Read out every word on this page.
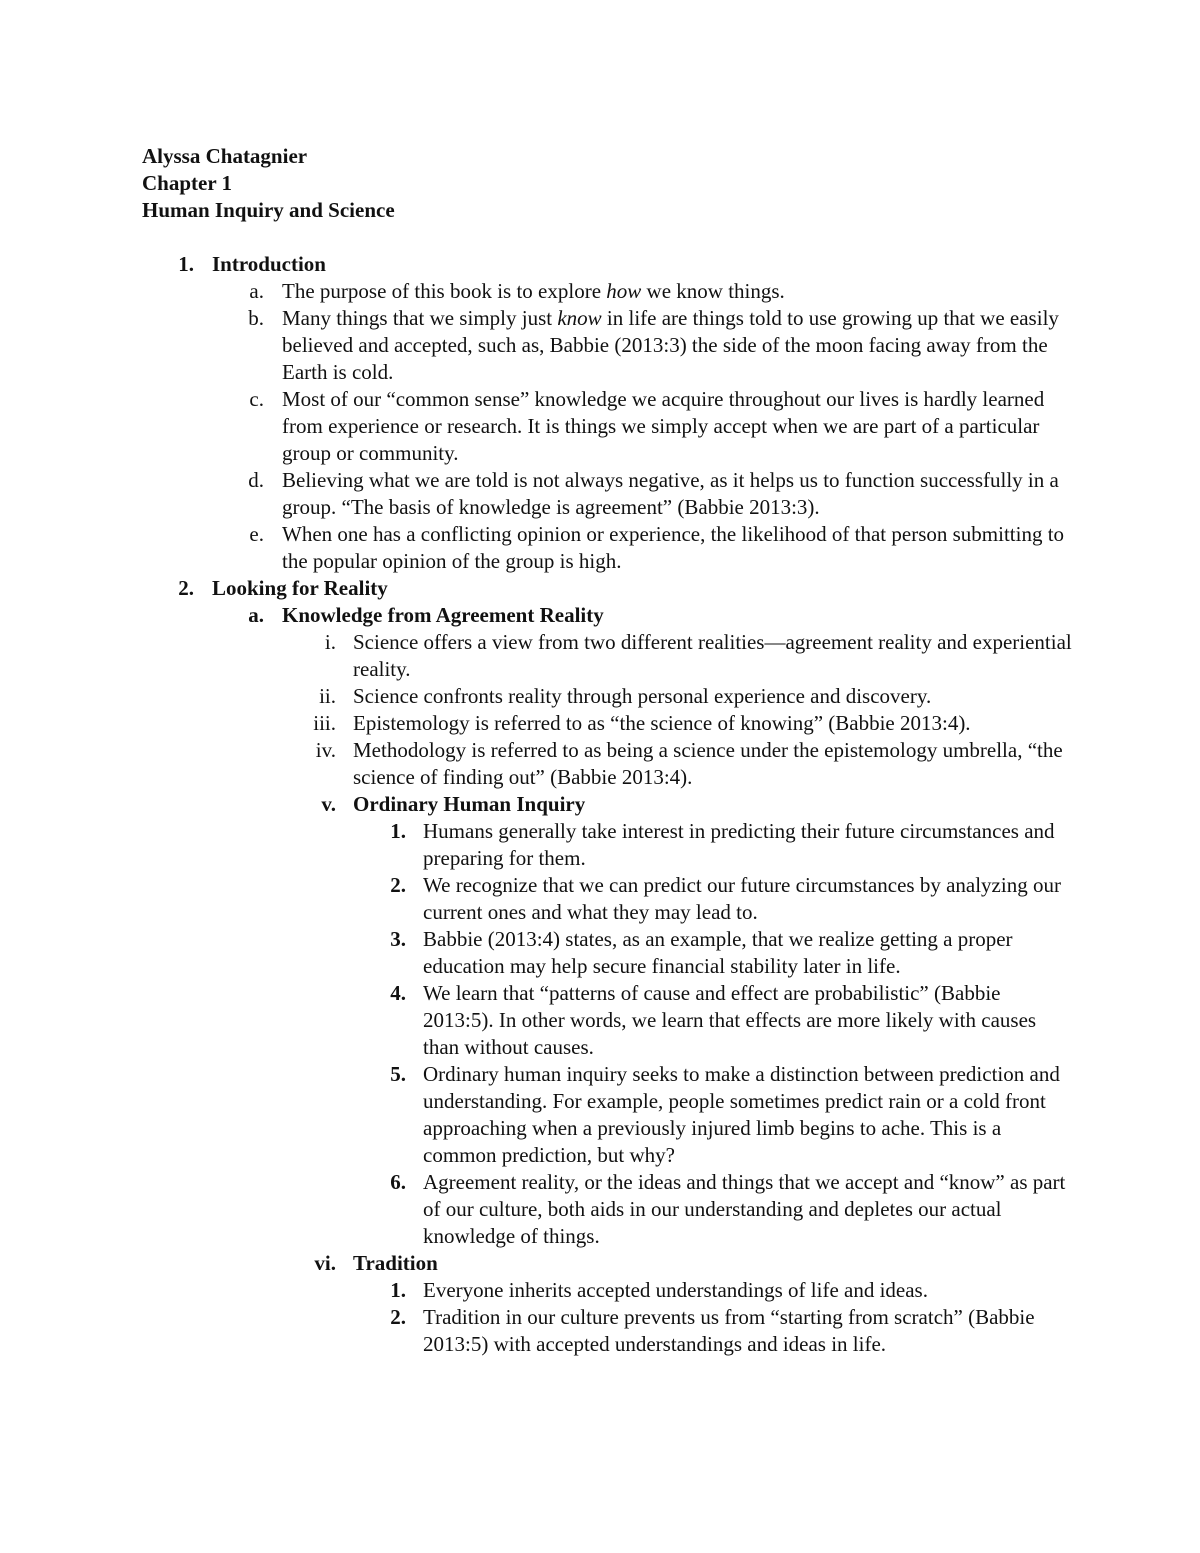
Alyssa Chatagnier
Chapter 1
Human Inquiry and Science
1. Introduction
a. The purpose of this book is to explore how we know things.
b. Many things that we simply just know in life are things told to use growing up that we easily believed and accepted, such as, Babbie (2013:3) the side of the moon facing away from the Earth is cold.
c. Most of our “common sense” knowledge we acquire throughout our lives is hardly learned from experience or research. It is things we simply accept when we are part of a particular group or community.
d. Believing what we are told is not always negative, as it helps us to function successfully in a group. “The basis of knowledge is agreement” (Babbie 2013:3).
e. When one has a conflicting opinion or experience, the likelihood of that person submitting to the popular opinion of the group is high.
2. Looking for Reality
a. Knowledge from Agreement Reality
i. Science offers a view from two different realities—agreement reality and experiential reality.
ii. Science confronts reality through personal experience and discovery.
iii. Epistemology is referred to as “the science of knowing” (Babbie 2013:4).
iv. Methodology is referred to as being a science under the epistemology umbrella, “the science of finding out” (Babbie 2013:4).
v. Ordinary Human Inquiry
1. Humans generally take interest in predicting their future circumstances and preparing for them.
2. We recognize that we can predict our future circumstances by analyzing our current ones and what they may lead to.
3. Babbie (2013:4) states, as an example, that we realize getting a proper education may help secure financial stability later in life.
4. We learn that “patterns of cause and effect are probabilistic” (Babbie 2013:5). In other words, we learn that effects are more likely with causes than without causes.
5. Ordinary human inquiry seeks to make a distinction between prediction and understanding. For example, people sometimes predict rain or a cold front approaching when a previously injured limb begins to ache. This is a common prediction, but why?
6. Agreement reality, or the ideas and things that we accept and “know” as part of our culture, both aids in our understanding and depletes our actual knowledge of things.
vi. Tradition
1. Everyone inherits accepted understandings of life and ideas.
2. Tradition in our culture prevents us from “starting from scratch” (Babbie 2013:5) with accepted understandings and ideas in life.
